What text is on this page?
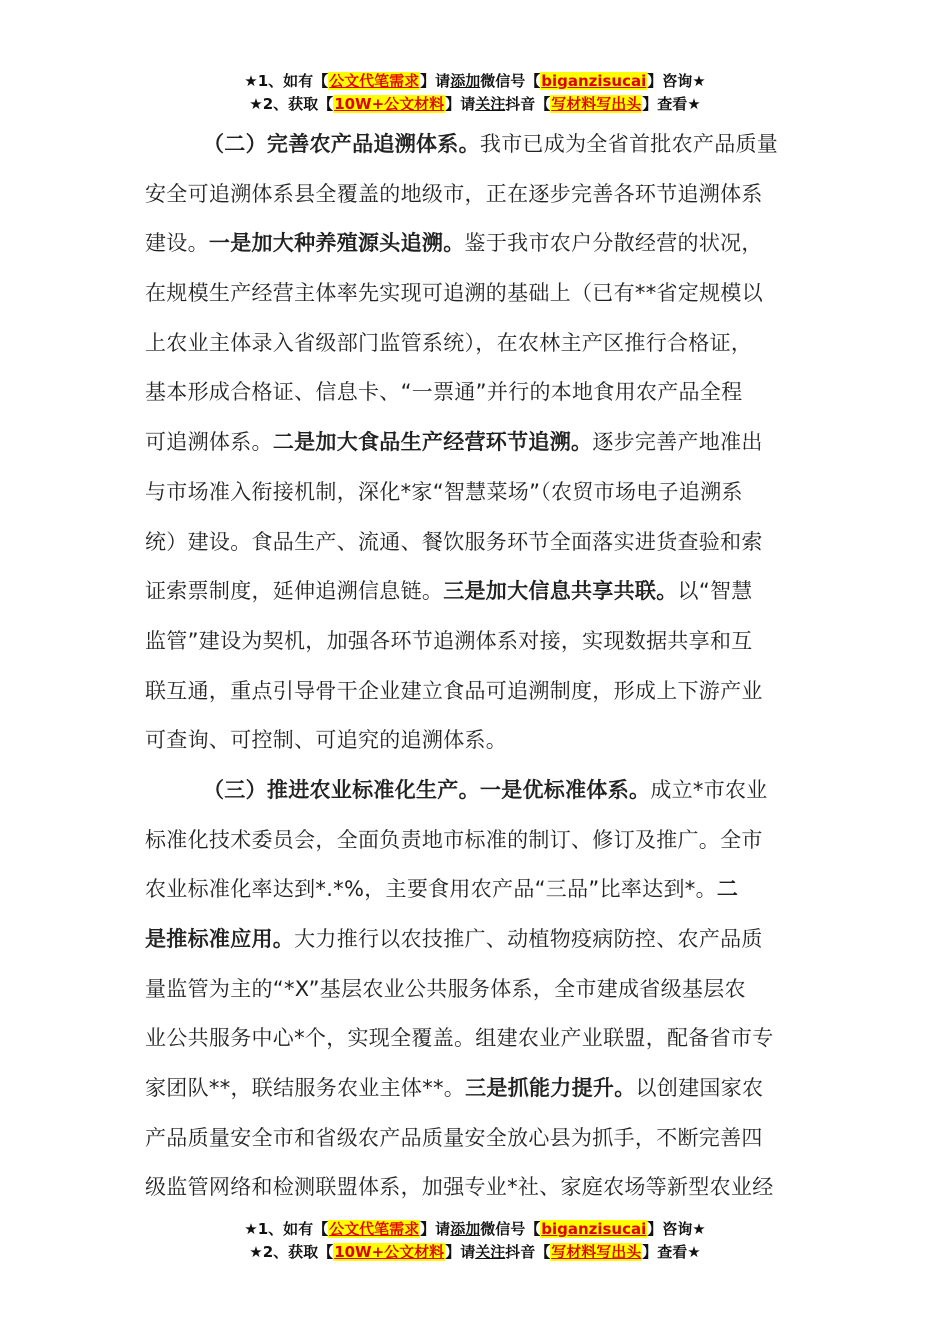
★1、如有【公文代笔需求】请添加微信号【biganzisucai】咨询★
★2、获取【10W+公文材料】请关注抖音【写材料写出头】查看★
（二）完善农产品追溯体系。我市已成为全省首批农产品质量
安全可追溯体系县全覆盖的地级市，正在逐步完善各环节追溯体系
建设。一是加大种养殖源头追溯。鉴于我市农户分散经营的状况，
在规模生产经营主体率先实现可追溯的基础上（已有**省定规模以
上农业主体录入省级部门监管系统），在农林主产区推行合格证，
基本形成合格证、信息卡、“一票通”并行的本地食用农产品全程
可追溯体系。二是加大食品生产经营环节追溯。逐步完善产地准出
与市场准入衔接机制，深化*家“智慧菜场”（农贸市场电子追溯系
统）建设。食品生产、流通、餐饮服务环节全面落实进货查验和索
证索票制度，延伸追溯信息链。三是加大信息共享共联。以“智慧
监管”建设为契机，加强各环节追溯体系对接，实现数据共享和互
联互通，重点引导骨干企业建立食品可追溯制度，形成上下游产业
可查询、可控制、可追究的追溯体系。
（三）推进农业标准化生产。一是优标准体系。成立*市农业
标准化技术委员会，全面负责地市标准的制订、修订及推广。全市
农业标准化率达到*.*%，主要食用农产品“三品”比率达到*。二
是推标准应用。大力推行以农技推广、动植物疫病防控、农产品质
量监管为主的“*X”基层农业公共服务体系，全市建成省级基层农
业公共服务中心*个，实现全覆盖。组建农业产业联盟，配备省市专
家团队**，联结服务农业主体**。三是抓能力提升。以创建国家农
产品质量安全市和省级农产品质量安全放心县为抓手，不断完善四
级监管网络和检测联盟体系，加强专业*社、家庭农场等新型农业经
★1、如有【公文代笔需求】请添加微信号【biganzisucai】咨询★
★2、获取【10W+公文材料】请关注抖音【写材料写出头】查看★
